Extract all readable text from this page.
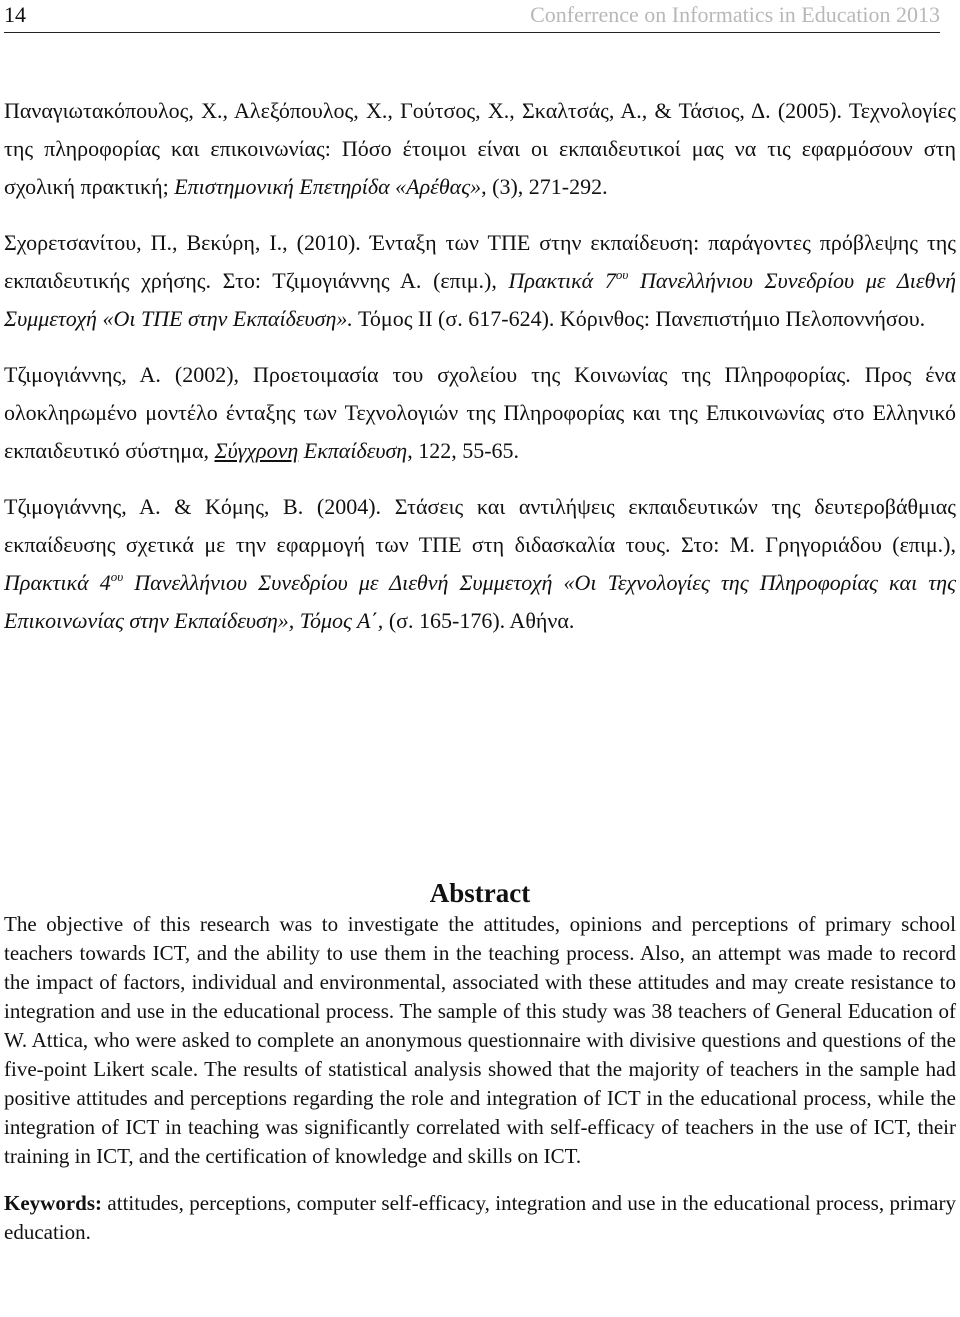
14	Conferrence on Informatics in Education 2013
Παναγιωτακόπουλος, Χ., Αλεξόπουλος, Χ., Γούτσος, Χ., Σκαλτσάς, Α., & Τάσιος, Δ. (2005). Τεχνολογίες της πληροφορίας και επικοινωνίας: Πόσο έτοιμοι είναι οι εκπαιδευτικοί μας να τις εφαρμόσουν στη σχολική πρακτική; Επιστημονική Επετηρίδα «Αρέθας», (3), 271-292.
Σχορετσανίτου, Π., Βεκύρη, Ι., (2010). Ένταξη των ΤΠΕ στην εκπαίδευση: παράγοντες πρόβλεψης της εκπαιδευτικής χρήσης. Στο: Τζιμογιάννης Α. (επιμ.), Πρακτικά $7^{o\upsilon}$ Πανελλήνιου Συνεδρίου με Διεθνή Συμμετοχή «Οι ΤΠΕ στην Εκπαίδευση». Τόμος ΙΙ (σ. 617-624). Κόρινθος: Πανεπιστήμιο Πελοποννήσου.
Τζιμογιάννης, Α. (2002), Προετοιμασία του σχολείου της Κοινωνίας της Πληροφορίας. Προς ένα ολοκληρωμένο μοντέλο ένταξης των Τεχνολογιών της Πληροφορίας και της Επικοινωνίας στο Ελληνικό εκπαιδευτικό σύστημα, Σύγχρονη Εκπαίδευση, 122, 55-65.
Τζιμογιάννης, Α. & Κόμης, Β. (2004). Στάσεις και αντιλήψεις εκπαιδευτικών της δευτεροβάθμιας εκπαίδευσης σχετικά με την εφαρμογή των ΤΠΕ στη διδασκαλία τους. Στο: Μ. Γρηγοριάδου (επιμ.), Πρακτικά $4^{o\upsilon}$ Πανελλήνιου Συνεδρίου με Διεθνή Συμμετοχή «Οι Τεχνολογίες της Πληροφορίας και της Επικοινωνίας στην Εκπαίδευση», Τόμος Α΄, (σ. 165-176). Αθήνα.
Abstract

The objective of this research was to investigate the attitudes, opinions and perceptions of primary school teachers towards ICT, and the ability to use them in the teaching process. Also, an attempt was made to record the impact of factors, individual and environmental, associated with these attitudes and may create resistance to integration and use in the educational process. The sample of this study was 38 teachers of General Education of W. Attica, who were asked to complete an anonymous questionnaire with divisive questions and questions of the five-point Likert scale. The results of statistical analysis showed that the majority of teachers in the sample had positive attitudes and perceptions regarding the role and integration of ICT in the educational process, while the integration of ICT in teaching was significantly correlated with self-efficacy of teachers in the use of ICT, their training in ICT, and the certification of knowledge and skills on ICT.

Keywords: attitudes, perceptions, computer self-efficacy, integration and use in the educational process, primary education.
